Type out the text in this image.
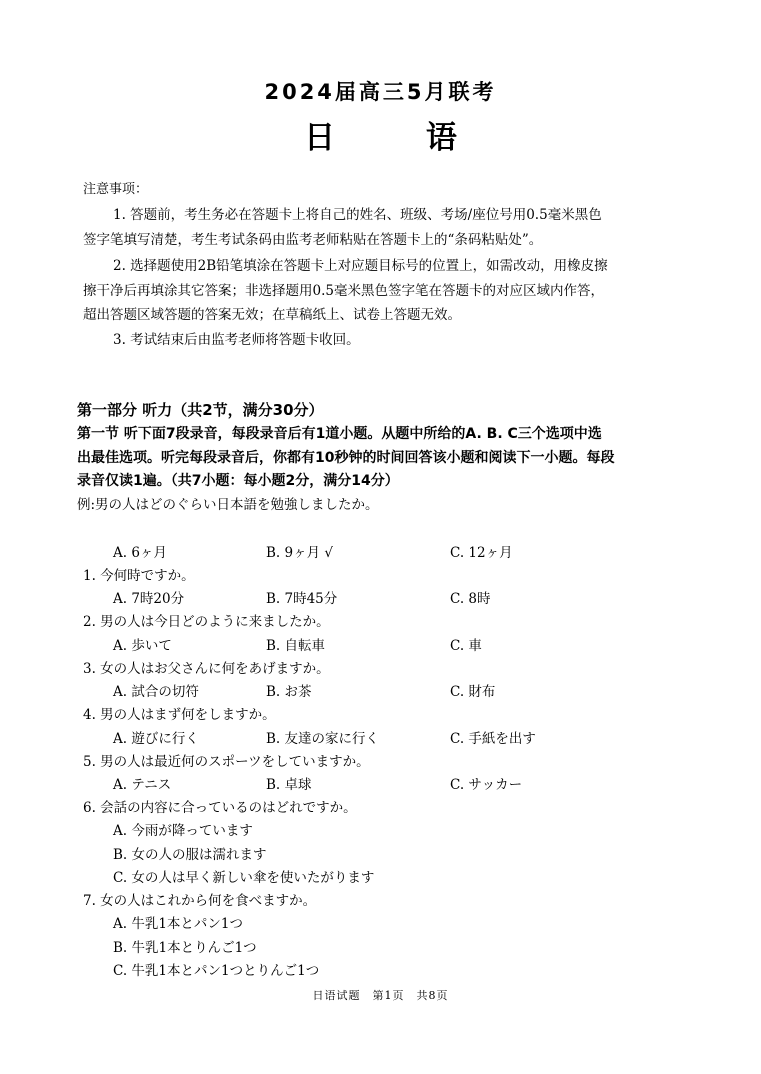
2024届高三5月联考
日 语
注意事项：
1. 答题前，考生务必在答题卡上将自己的姓名、班级、考场/座位号用0.5毫米黑色
签字笔填写清楚，考生考试条码由监考老师粘贴在答题卡上的“条码粘贴处”。
2. 选择题使用2B铅笔填涂在答题卡上对应题目标号的位置上，如需改动，用橡皮擦
擦干净后再填涂其它答案；非选择题用0.5毫米黑色签字笔在答题卡的对应区域内作答，
超出答题区域答题的答案无效；在草稿纸上、试卷上答题无效。
3. 考试结束后由监考老师将答题卡收回。
第一部分 听力（共2节，满分30分）
第一节 听下面7段录音，每段录音后有1道小题。从题中所给的A. B. C三个选项中选
出最佳选项。听完每段录音后，你都有10秒钟的时间回答该小题和阅读下一小题。每段
录音仅读1遍。（共7小题：每小题2分，满分14分）
例:男の人はどのぐらい日本語を勉強しましたか。
A. 6ヶ月	B. 9ヶ月 √	C. 12ヶ月
1. 今何時ですか。
A. 7時20分	B. 7時45分	C. 8時
2. 男の人は今日どのように来ましたか。
A. 歩いて	B. 自転車	C. 車
3. 女の人はお父さんに何をあげますか。
A. 試合の切符	B. お茶	C. 財布
4. 男の人はまず何をしますか。
A. 遊びに行く	B. 友達の家に行く	C. 手紙を出す
5. 男の人は最近何のスポーツをしていますか。
A. テニス	B. 卓球	C. サッカー
6. 会話の内容に合っているのはどれですか。
A. 今雨が降っています
B. 女の人の服は濡れます
C. 女の人は早く新しい傘を使いたがります
7. 女の人はこれから何を食べますか。
A. 牛乳1本とパン1つ
B. 牛乳1本とりんご1つ
C. 牛乳1本とパン1つとりんご1つ
日语试题　第1页　共8页
